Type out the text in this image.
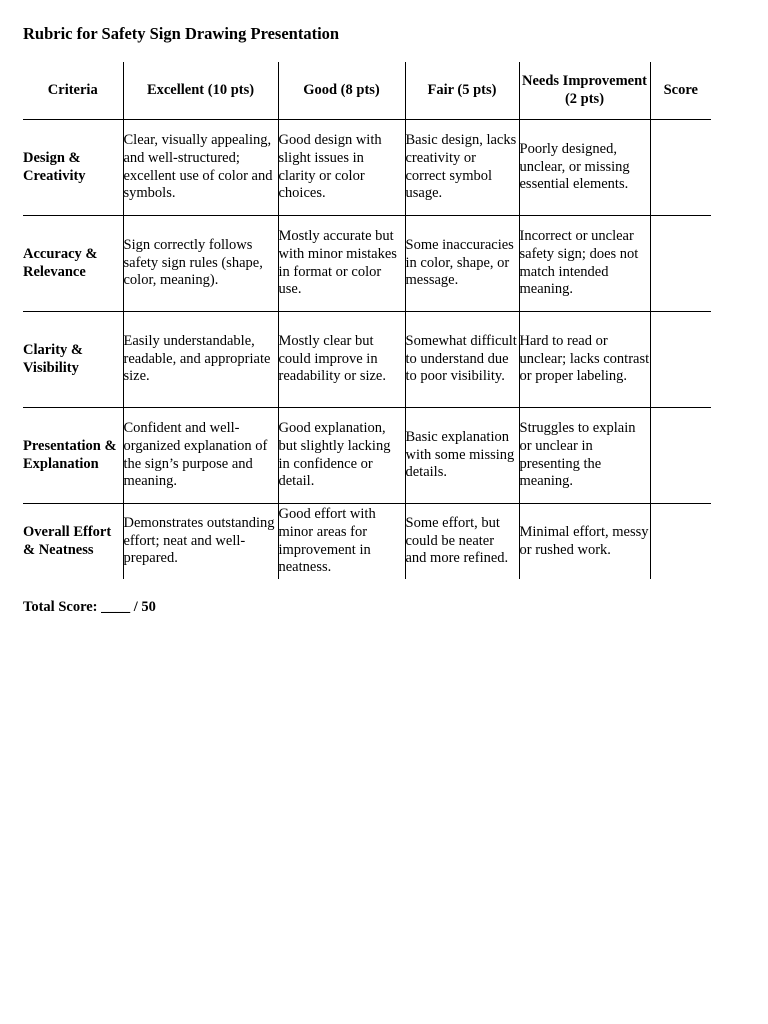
Rubric for Safety Sign Drawing Presentation
Criteria	Excellent (10 pts)	Good (8 pts)	Fair (5 pts)	Needs Improvement (2 pts)	Score
Design & Creativity	Clear, visually appealing, and well-structured; excellent use of color and symbols.	Good design with slight issues in clarity or color choices.	Basic design, lacks creativity or correct symbol usage.	Poorly designed, unclear, or missing essential elements.	
Accuracy & Relevance	Sign correctly follows safety sign rules (shape, color, meaning).	Mostly accurate but with minor mistakes in format or color use.	Some inaccuracies in color, shape, or message.	Incorrect or unclear safety sign; does not match intended meaning.	
Clarity & Visibility	Easily understandable, readable, and appropriate size.	Mostly clear but could improve in readability or size.	Somewhat difficult to understand due to poor visibility.	Hard to read or unclear; lacks contrast or proper labeling.	
Presentation & Explanation	Confident and well-organized explanation of the sign’s purpose and meaning.	Good explanation, but slightly lacking in confidence or detail.	Basic explanation with some missing details.	Struggles to explain or unclear in presenting the meaning.	
Overall Effort & Neatness	Demonstrates outstanding effort; neat and well-prepared.	Good effort with minor areas for improvement in neatness.	Some effort, but could be neater and more refined.	Minimal effort, messy or rushed work.	

Total Score: ____ / 50
